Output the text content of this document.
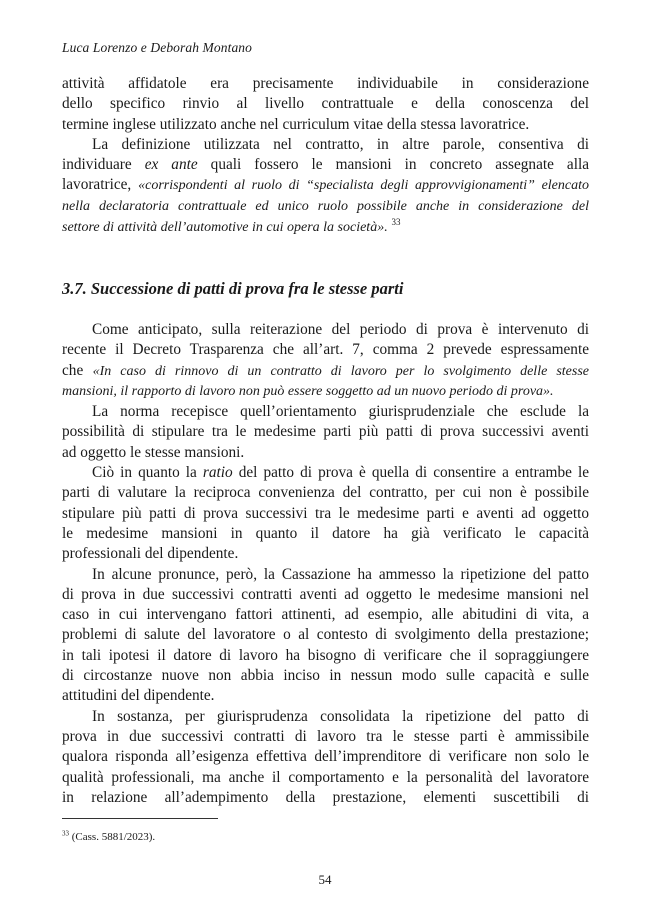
Luca Lorenzo e Deborah Montano

attività affidatole era precisamente individuabile in considerazione
dello specifico rinvio al livello contrattuale e della conoscenza del
termine inglese utilizzato anche nel curriculum vitae della stessa lavoratrice.

La definizione utilizzata nel contratto, in altre parole, consentiva di
individuare ex ante quali fossero le mansioni in concreto assegnate alla
lavoratrice, «corrispondenti al ruolo di “specialista degli approvvigionamenti” elencato
nella declaratoria contrattuale ed unico ruolo possibile anche in considerazione del
settore di attività dell’automotive in cui opera la società». $^{33}$

3.7. Successione di patti di prova fra le stesse parti

Come anticipato, sulla reiterazione del periodo di prova è intervenuto di
recente il Decreto Trasparenza che all’art. 7, comma 2 prevede espressamente
che «In caso di rinnovo di un contratto di lavoro per lo svolgimento delle stesse
mansioni, il rapporto di lavoro non può essere soggetto ad un nuovo periodo di prova».

La norma recepisce quell’orientamento giurisprudenziale che esclude la
possibilità di stipulare tra le medesime parti più patti di prova successivi aventi
ad oggetto le stesse mansioni.

Ciò in quanto la ratio del patto di prova è quella di consentire a entrambe le
parti di valutare la reciproca convenienza del contratto, per cui non è possibile
stipulare più patti di prova successivi tra le medesime parti e aventi ad oggetto
le medesime mansioni in quanto il datore ha già verificato le capacità
professionali del dipendente.

In alcune pronunce, però, la Cassazione ha ammesso la ripetizione del patto
di prova in due successivi contratti aventi ad oggetto le medesime mansioni nel
caso in cui intervengano fattori attinenti, ad esempio, alle abitudini di vita, a
problemi di salute del lavoratore o al contesto di svolgimento della prestazione;
in tali ipotesi il datore di lavoro ha bisogno di verificare che il sopraggiungere
di circostanze nuove non abbia inciso in nessun modo sulle capacità e sulle
attitudini del dipendente.

In sostanza, per giurisprudenza consolidata la ripetizione del patto di
prova in due successivi contratti di lavoro tra le stesse parti è ammissibile
qualora risponda all’esigenza effettiva dell’imprenditore di verificare non solo le
qualità professionali, ma anche il comportamento e la personalità del lavoratore
in relazione all’adempimento della prestazione, elementi suscettibili di

$^{33}$ (Cass. 5881/2023).
54
